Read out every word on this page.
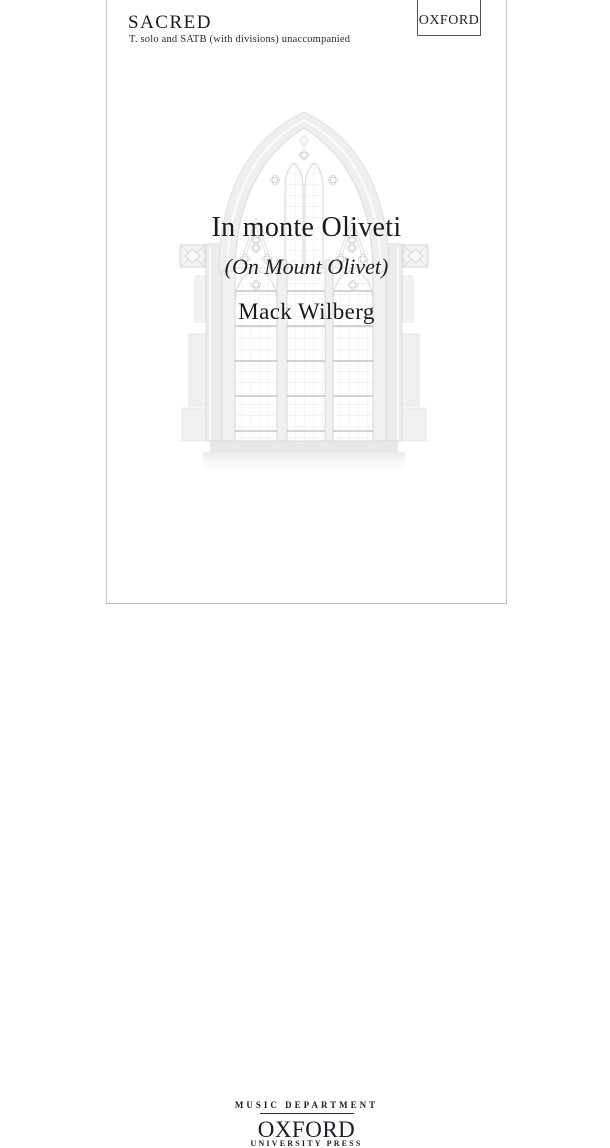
SACRED
T. solo and SATB (with divisions) unaccompanied
OXFORD
In monte Oliveti
(On Mount Olivet)
Mack Wilberg
MUSIC DEPARTMENT
OXFORD
UNIVERSITY PRESS
